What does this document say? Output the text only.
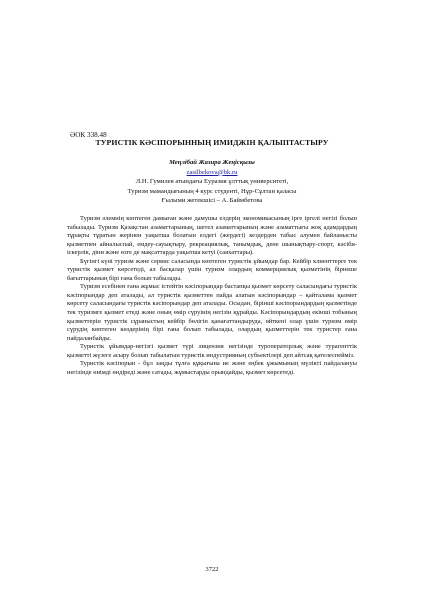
ӘОК 338.48
ТУРИСТІК КӘСІПОРЫННЫҢ ИМИДЖІН ҚАЛЫПТАСТЫРУ
Меңлібай Жазира Жеңісқызы
zasilbekova@bk.ru
Л.Н. Гумилев атындағы Еуразия ұлттық университеті,
Туризм мамандығының 4 курс студенті, Нұр-Сұлтан қаласы
Ғылыми жетекшісі – А. Баймбетова

Туризм әлемнің көптеген дамыған және дамушы елдерің экономикасының ірге іргелі негізі болып табылады. Туризм Қазақстан азаматтарының, шетел азаматтарының және азаматтығы жоқ адамдардың тұрақты тұратын жерінен уақытша болатын елдегі (жердегі) кездерден табыс алумен байланысты қызметпен айналыспай, емдеу-сауықтыру, рекреациялық, танымдық, дене шынықтыру-спорт, кәсіби-іскерлік, діни және өзге де мақсаттарда уақытша кетуі (саяхаттары).

Бүгінгі күні туризм және сервис саласында көптеген туристік ұйымдар бар. Кейбір клиенттерге тек туристік қызмет көрсетеді, ал басқалар үшін туризм олардың коммерциялық қызметінің бірнеше бағыттарының бірі ғана болып табылады.

Туризм есебінен ғана жұмыс істейтін кәсіпорындар бастапқы қызмет көрсету саласындағы туристік кәсіпорындар деп аталады, ал туристік қызметтен пайда алатын кәсіпорындар – қайталама қызмет көрсету саласындағы туристік кәсіпорындар деп аталады. Осыдан, бірінші кәсіпорындардың қызметінде тек туризмге қызмет етеді және оның өмір сүруінің негізін құрайды. Кәсіпорындардың екінші тобының қызметтерін туристік сұраныстың кейбір бөлігін қанағаттандыруда, өйткені олар үшін туризм өмір сүрудің көптеген көздерінің бірі ғана болып табылады, олардың қызметтерін тек туристер ғана пайдаланбайды.

Туристік ұйымдар-негізгі қызмет түрі лицензия негізінде туроператорлық және турагенттік қызметті жүзеге асыру болып табылатын туристік индустрияның субъектілері деп айтсақ қателеспейміз.

Туристік кәсіпорын - бұл заңды тұлға құқығына ие және еңбек ұжымының мүлікті пайдалануы негізінде өнімді өндіреді және сатады, жұмыстарды орындайды, қызмет көрсетеді.

3722
